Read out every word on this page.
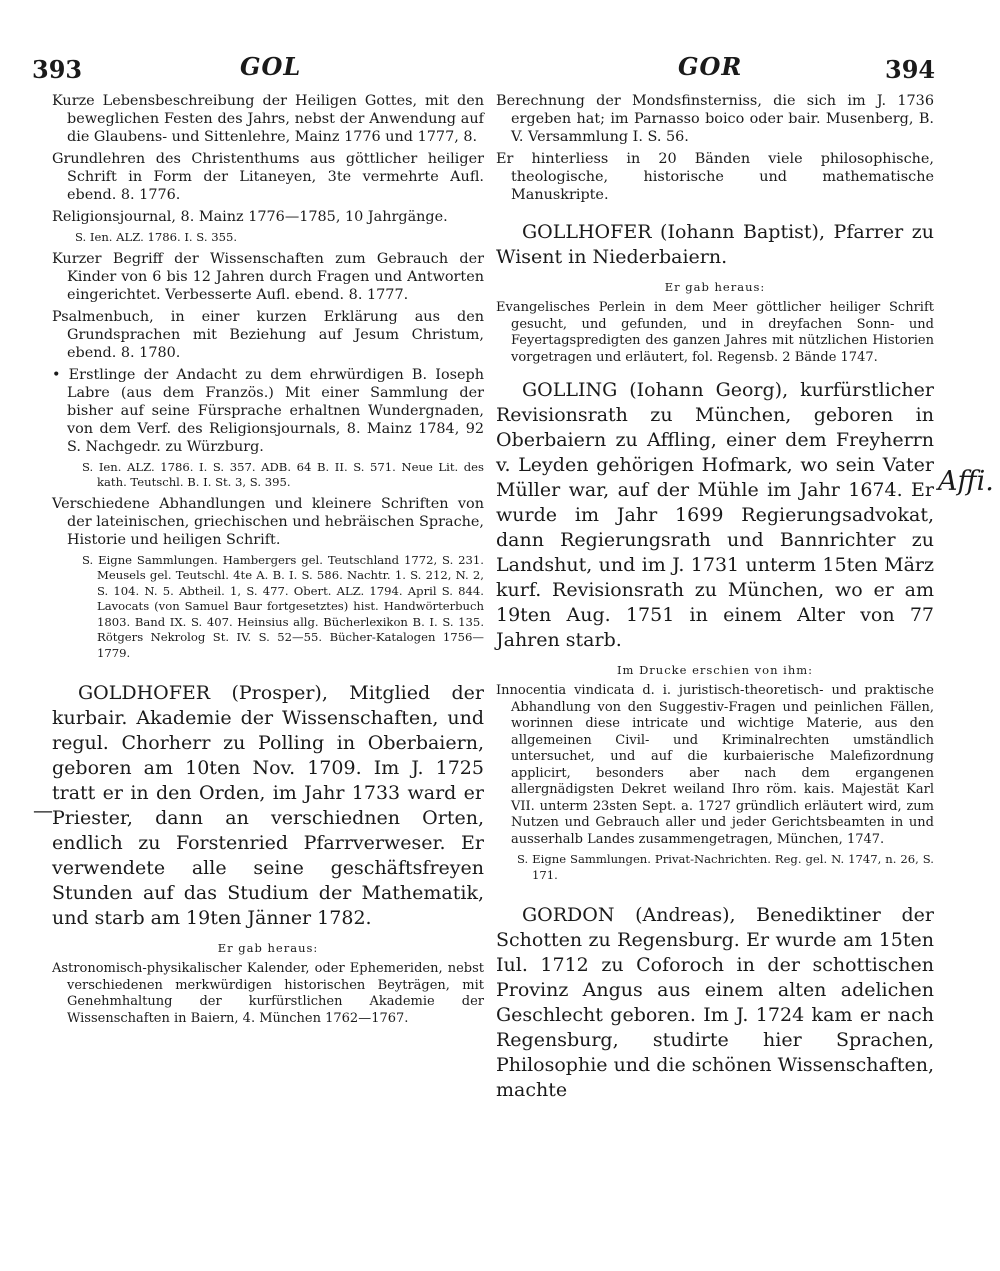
393	GOL	GOR	394
—
Affi.
Kurze Lebensbeschreibung der Heiligen Gottes, mit den beweglichen Festen des Jahrs, nebst der Anwendung auf die Glaubens- und Sittenlehre, Mainz 1776 und 1777, 8.
Grundlehren des Christenthums aus göttlicher heiliger Schrift in Form der Litaneyen, 3te vermehrte Aufl. ebend. 8. 1776.
Religionsjournal, 8. Mainz 1776—1785, 10 Jahrgänge.
S. Ien. ALZ. 1786. I. S. 355.
Kurzer Begriff der Wissenschaften zum Gebrauch der Kinder von 6 bis 12 Jahren durch Fragen und Antworten eingerichtet. Verbesserte Aufl. ebend. 8. 1777.
Psalmenbuch, in einer kurzen Erklärung aus den Grundsprachen mit Beziehung auf Jesum Christum, ebend. 8. 1780.
• Erstlinge der Andacht zu dem ehrwürdigen B. Ioseph Labre (aus dem Französ.) Mit einer Sammlung der bisher auf seine Fürsprache erhaltnen Wundergnaden, von dem Verf. des Religionsjournals, 8. Mainz 1784, 92 S. Nachgedr. zu Würzburg.
S. Ien. ALZ. 1786. I. S. 357. ADB. 64 B. II. S. 571. Neue Lit. des kath. Teutschl. B. I. St. 3, S. 395.
Verschiedene Abhandlungen und kleinere Schriften von der lateinischen, griechischen und hebräischen Sprache, Historie und heiligen Schrift.
S. Eigne Sammlungen. Hambergers gel. Teutschland 1772, S. 231. Meusels gel. Teutschl. 4te A. B. I. S. 586. Nachtr. 1. S. 212, N. 2, S. 104. N. 5. Abtheil. 1, S. 477. Obert. ALZ. 1794. April S. 844. Lavocats (von Samuel Baur fortgesetztes) hist. Handwörterbuch 1803. Band IX. S. 407. Heinsius allg. Bücherlexikon B. I. S. 135. Rötgers Nekrolog St. IV. S. 52—55. Bücher-Katalogen 1756—1779.

GOLDHOFER (Prosper), Mitglied der kurbair. Akademie der Wissenschaften, und regul. Chorherr zu Polling in Oberbaiern, geboren am 10ten Nov. 1709. Im J. 1725 tratt er in den Orden, im Jahr 1733 ward er Priester, dann an verschiednen Orten, endlich zu Forstenried Pfarrverweser. Er verwendete alle seine geschäftsfreyen Stunden auf das Studium der Mathematik, und starb am 19ten Jänner 1782.

Er gab heraus:
Astronomisch-physikalischer Kalender, oder Ephemeriden, nebst verschiedenen merkwürdigen historischen Beyträgen, mit Genehmhaltung der kurfürstlichen Akademie der Wissenschaften in Baiern, 4. München 1762—1767.
Berechnung der Mondsfinsterniss, die sich im J. 1736 ergeben hat; im Parnasso boico oder bair. Musenberg, B. V. Versammlung I. S. 56.
Er hinterliess in 20 Bänden viele philosophische, theologische, historische und mathematische Manuskripte.

GOLLHOFER (Iohann Baptist), Pfarrer zu Wisent in Niederbaiern.

Er gab heraus:
Evangelisches Perlein in dem Meer göttlicher heiliger Schrift gesucht, und gefunden, und in dreyfachen Sonn- und Feyertagspredigten des ganzen Jahres mit nützlichen Historien vorgetragen und erläutert, fol. Regensb. 2 Bände 1747.

GOLLING (Iohann Georg), kurfürstlicher Revisionsrath zu München, geboren in Oberbaiern zu Affling, einer dem Freyherrn v. Leyden gehörigen Hofmark, wo sein Vater Müller war, auf der Mühle im Jahr 1674. Er wurde im Jahr 1699 Regierungsadvokat, dann Regierungsrath und Bannrichter zu Landshut, und im J. 1731 unterm 15ten März kurf. Revisionsrath zu München, wo er am 19ten Aug. 1751 in einem Alter von 77 Jahren starb.

Im Drucke erschien von ihm:
Innocentia vindicata d. i. juristisch-theoretisch- und praktische Abhandlung von den Suggestiv-Fragen und peinlichen Fällen, worinnen diese intricate und wichtige Materie, aus den allgemeinen Civil- und Kriminalrechten umständlich untersuchet, und auf die kurbaierische Malefizordnung applicirt, besonders aber nach dem ergangenen allergnädigsten Dekret weiland Ihro röm. kais. Majestät Karl VII. unterm 23sten Sept. a. 1727 gründlich erläutert wird, zum Nutzen und Gebrauch aller und jeder Gerichtsbeamten in und ausserhalb Landes zusammengetragen, München, 1747.
S. Eigne Sammlungen. Privat-Nachrichten. Reg. gel. N. 1747, n. 26, S. 171.

GORDON (Andreas), Benediktiner der Schotten zu Regensburg. Er wurde am 15ten Iul. 1712 zu Coforoch in der schottischen Provinz Angus aus einem alten adelichen Geschlecht geboren. Im J. 1724 kam er nach Regensburg, studirte hier Sprachen, Philosophie und die schönen Wissenschaften, machte
